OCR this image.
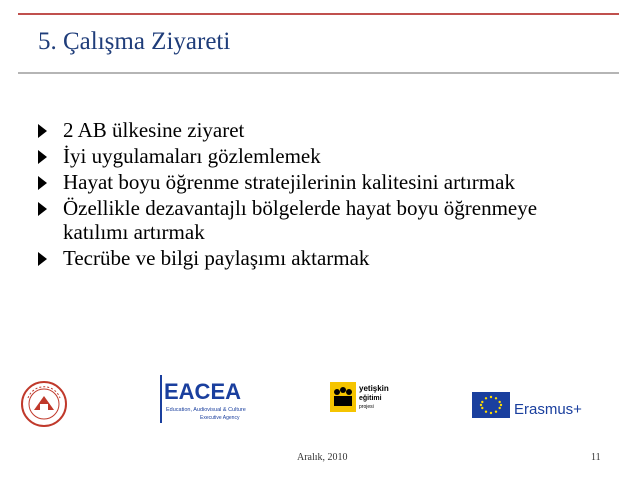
5. Çalışma Ziyareti
2 AB ülkesine ziyaret
İyi uygulamaları gözlemlemek
Hayat boyu öğrenme stratejilerinin kalitesini artırmak
Özellikle dezavantajlı bölgelerde hayat boyu öğrenmeye katılımı artırmak
Tecrübe ve bilgi paylaşımı aktarmak
EACEA
Education, Audiovisual & Culture
Executive Agency
yetişkin
eğitimi
projesi	Erasmus+
Aralık, 2010	11
